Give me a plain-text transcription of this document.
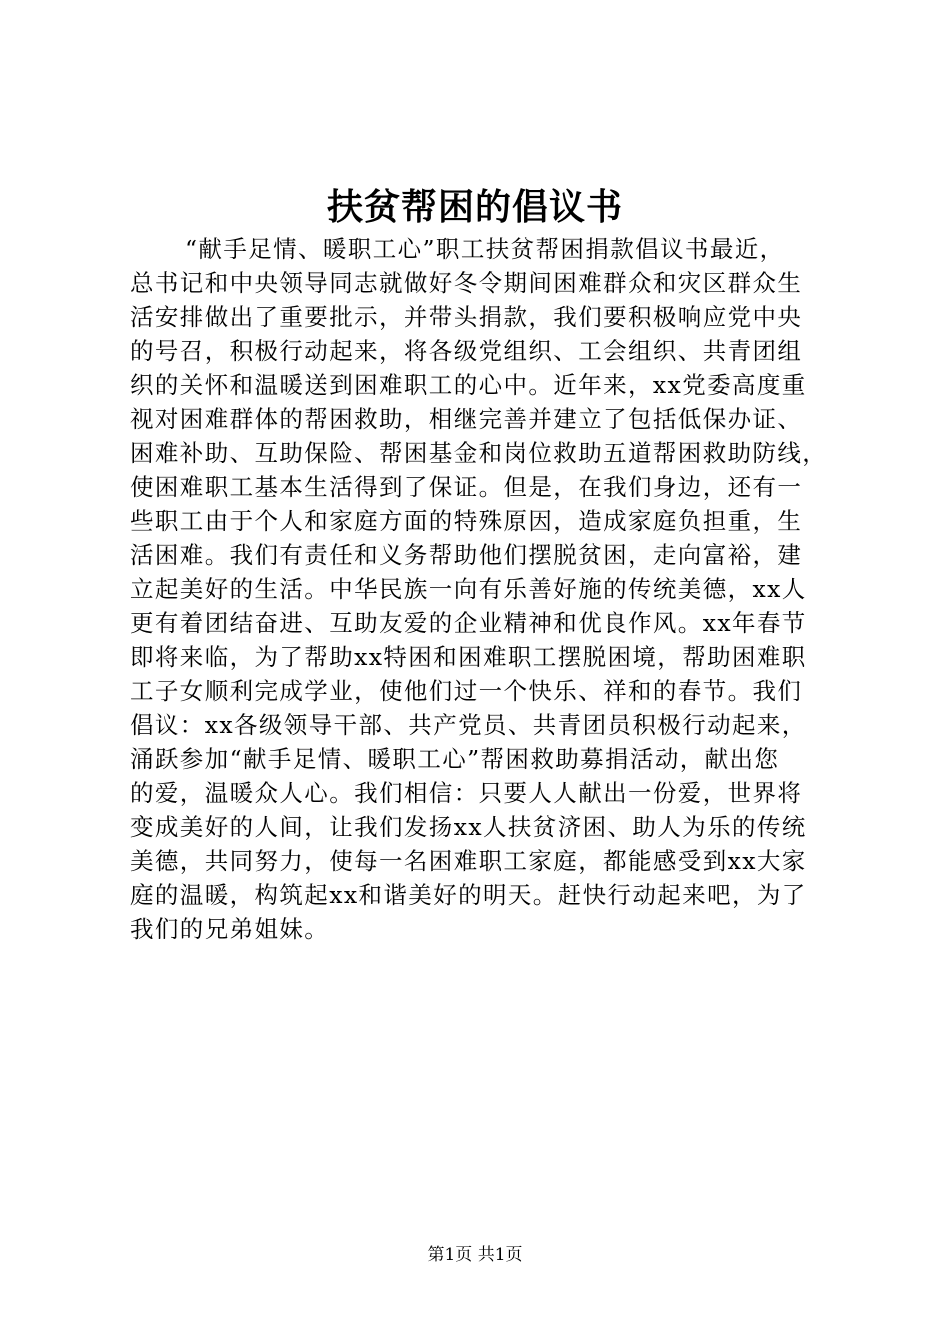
扶贫帮困的倡议书
“献手足情、暖职工心”职工扶贫帮困捐款倡议书最近，
总书记和中央领导同志就做好冬令期间困难群众和灾区群众生
活安排做出了重要批示，并带头捐款，我们要积极响应党中央
的号召，积极行动起来，将各级党组织、工会组织、共青团组
织的关怀和温暖送到困难职工的心中。近年来，xx党委高度重
视对困难群体的帮困救助，相继完善并建立了包括低保办证、
困难补助、互助保险、帮困基金和岗位救助五道帮困救助防线，
使困难职工基本生活得到了保证。但是，在我们身边，还有一
些职工由于个人和家庭方面的特殊原因，造成家庭负担重，生
活困难。我们有责任和义务帮助他们摆脱贫困，走向富裕，建
立起美好的生活。中华民族一向有乐善好施的传统美德，xx人
更有着团结奋进、互助友爱的企业精神和优良作风。xx年春节
即将来临，为了帮助xx特困和困难职工摆脱困境，帮助困难职
工子女顺利完成学业，使他们过一个快乐、祥和的春节。我们
倡议：xx各级领导干部、共产党员、共青团员积极行动起来，
涌跃参加“献手足情、暖职工心”帮困救助募捐活动，献出您
的爱，温暖众人心。我们相信：只要人人献出一份爱，世界将
变成美好的人间，让我们发扬xx人扶贫济困、助人为乐的传统
美德，共同努力，使每一名困难职工家庭，都能感受到xx大家
庭的温暖，构筑起xx和谐美好的明天。赶快行动起来吧，为了
我们的兄弟姐妹。
第1页 共1页
